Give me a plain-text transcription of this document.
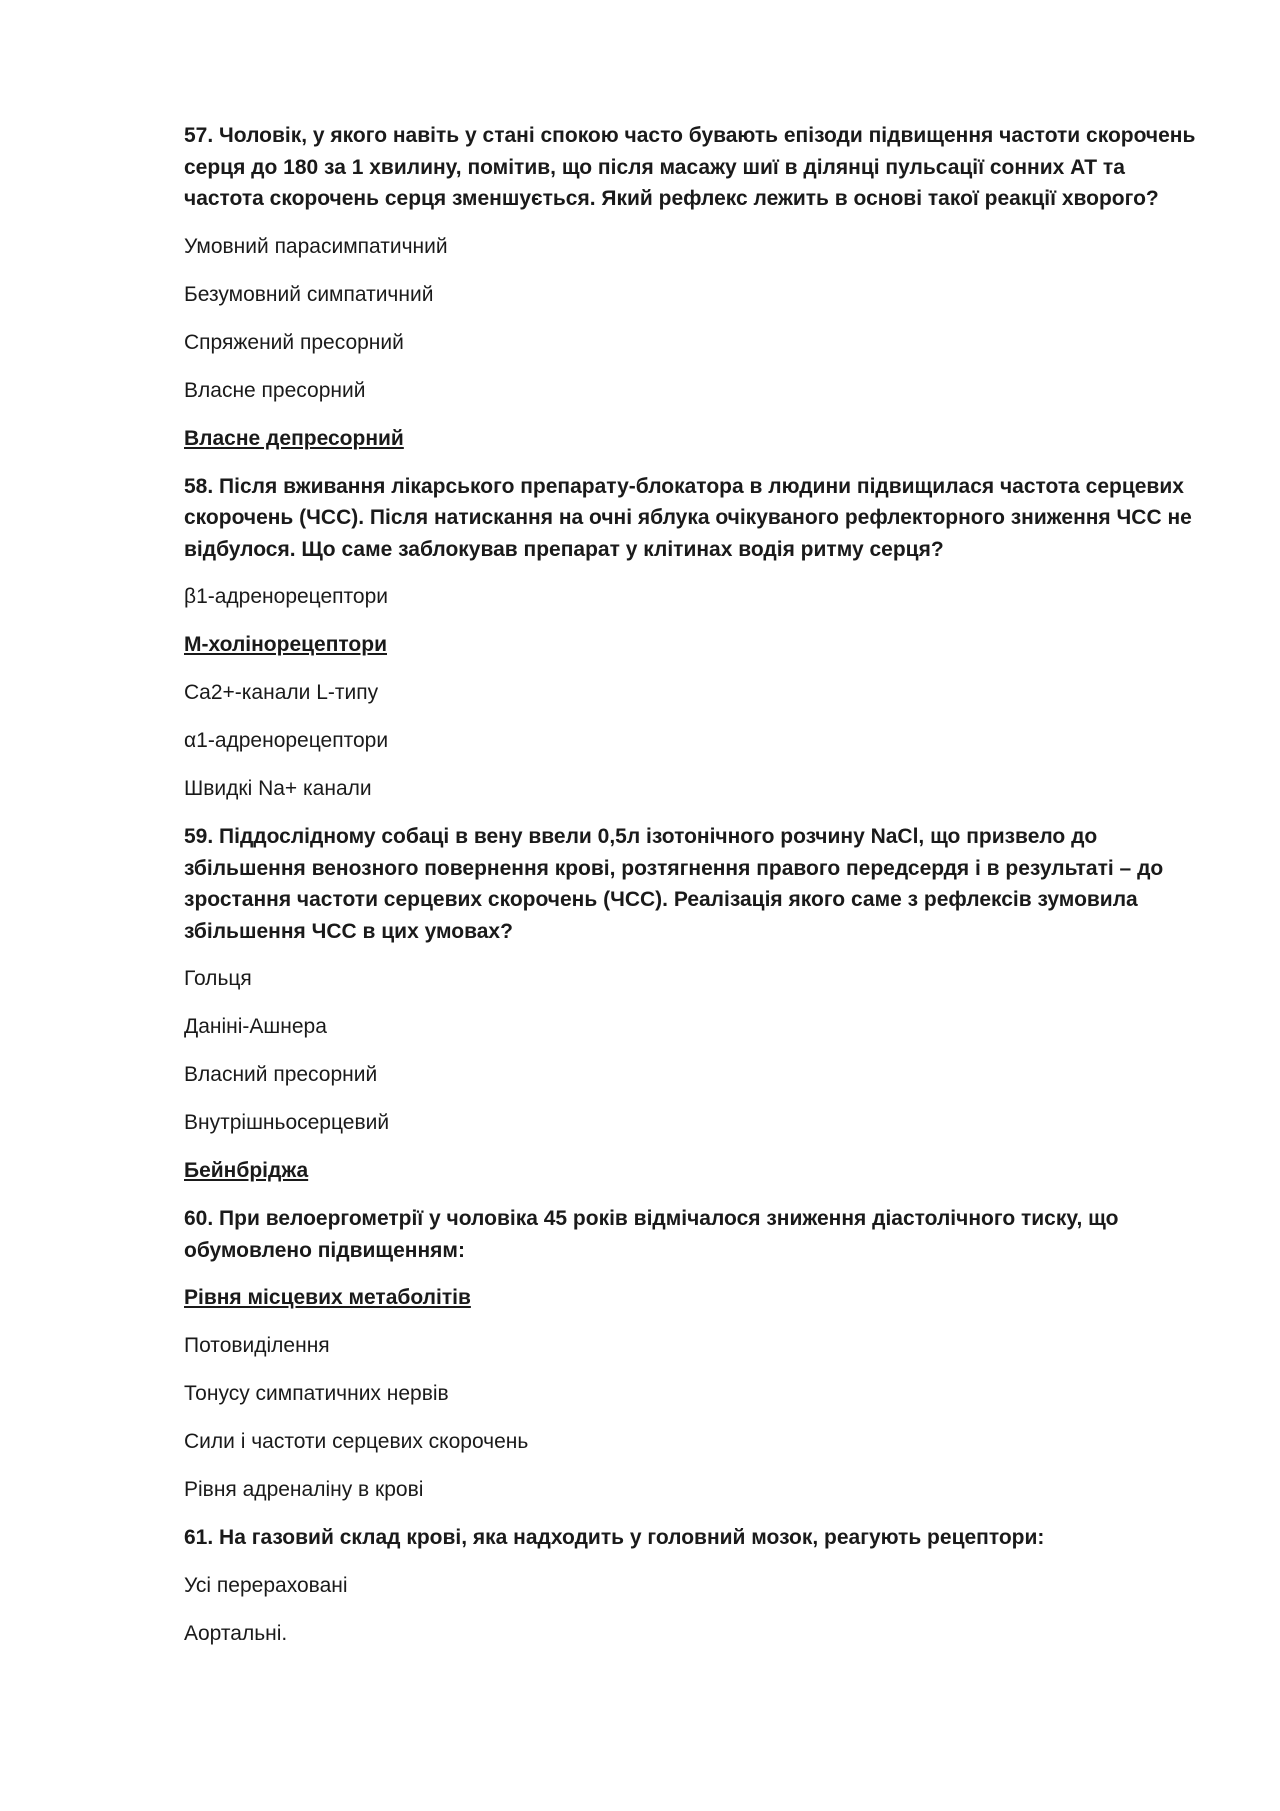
57. Чоловік, у якого навіть у стані спокою часто бувають епізоди підвищення частоти скорочень серця до 180 за 1 хвилину, помітив, що після масажу шиї в ділянці пульсації сонних АТ та частота скорочень серця зменшується. Який рефлекс лежить в основі такої реакції хворого?

Умовний парасимпатичний

Безумовний симпатичний

Спряжений пресорний

Власне пресорний

Власне депресорний

58. Після вживання лікарського препарату-блокатора в людини підвищилася частота серцевих скорочень (ЧСС). Після натискання на очні яблука очікуваного рефлекторного зниження ЧСС не відбулося. Що саме заблокував препарат у клітинах водія ритму серця?

β1-адренорецептори

М-холінорецептори

Ca2+-канали L-типу

α1-адренорецептори

Швидкі Na+ канали

59. Піддослідному собаці в вену ввели 0,5л ізотонічного розчину NaCl, що призвело до збільшення венозного повернення крові, розтягнення правого передсердя і в результаті – до зростання частоти серцевих скорочень (ЧСС). Реалізація якого саме з рефлексів зумовила збільшення ЧСС в цих умовах?

Гольця

Даніні-Ашнера

Власний пресорний

Внутрішньосерцевий

Бейнбріджа

60. При велоергометрії у чоловіка 45 років відмічалося зниження діастолічного тиску, що обумовлено підвищенням:

Рівня місцевих метаболітів

Потовиділення

Тонусу симпатичних нервів

Сили і частоти серцевих скорочень

Рівня адреналіну в крові

61. На газовий склад крові, яка надходить у головний мозок, реагують рецептори:

Усі перераховані

Аортальні.
